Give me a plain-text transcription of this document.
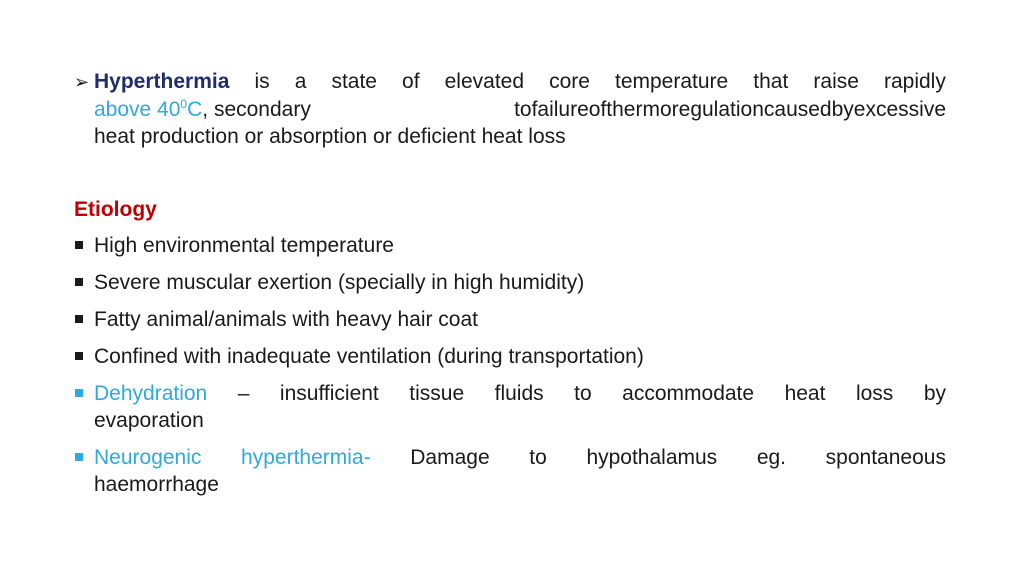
➢ Hyperthermia is a state of elevated core temperature that raise rapidly
above $40^0C$ , secondary	to failure of thermoregulation caused by excessive
heat production or absorption or deficient heat loss
Etiology
High environmental temperature
Severe muscular exertion (specially in high humidity)
Fatty animal/animals with heavy hair coat
Confined with inadequate ventilation (during transportation)
Dehydration – insufficient tissue fluids to accommodate heat loss by
evaporation
Neurogenic hyperthermia- Damage to hypothalamus eg. spontaneous
haemorrhage
